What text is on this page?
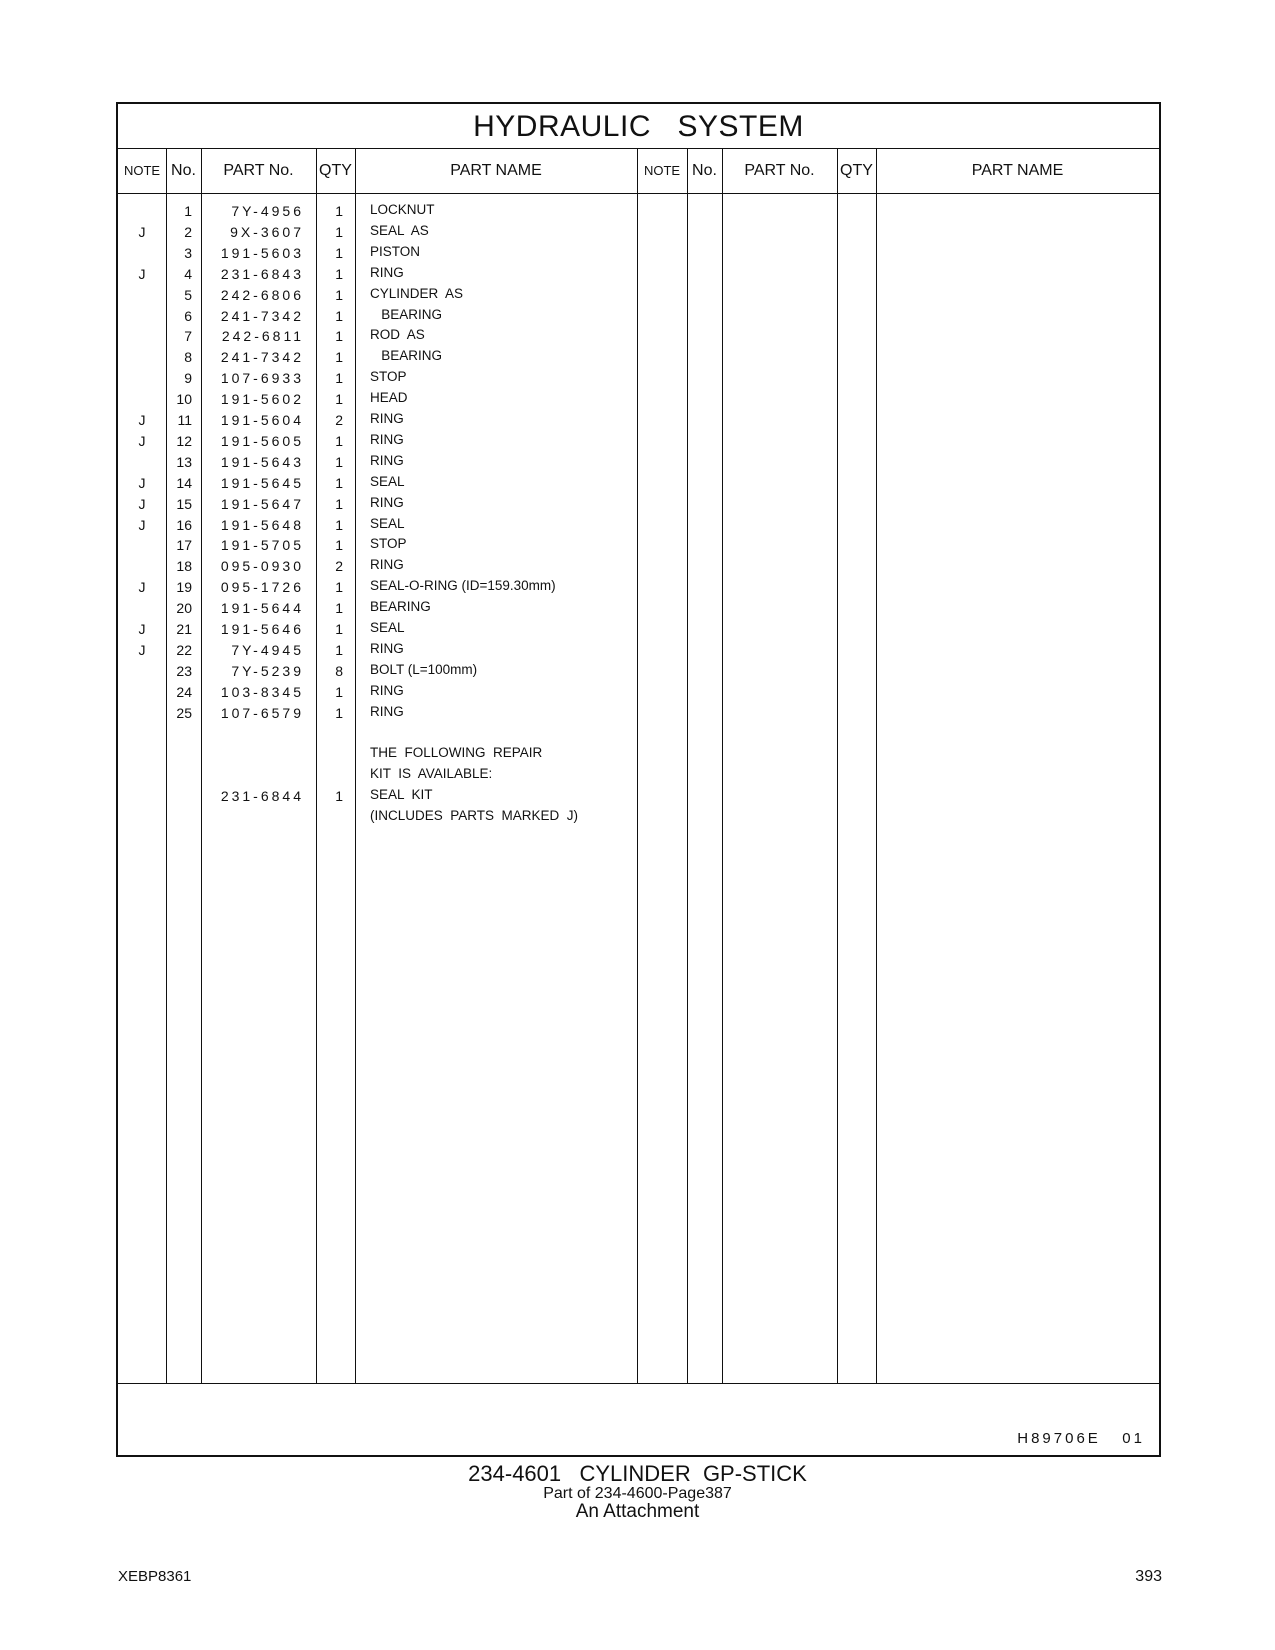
HYDRAULIC   SYSTEM
NOTE No.	PART No.	QTY	PART NAME	NOTE No.	PART No.	QTY	PART NAME
1	7Y-4956	1 LOCKNUT
J	2	9X-3607	1 SEAL  AS
3	191-5603	1 PISTON
J	4	231-6843	1 RING
5	242-6806	1 CYLINDER  AS
6	241-7342	1 BEARING
7	242-6811	1 ROD  AS
8	241-7342	1 BEARING
9	107-6933	1 STOP
10	191-5602	1 HEAD
J	11	191-5604	2 RING
J	12	191-5605	1 RING
13	191-5643	1 RING
J	14	191-5645	1 SEAL
J	15	191-5647	1 RING
J	16	191-5648	1 SEAL
17	191-5705	1 STOP
18	095-0930	2 RING
J	19	095-1726	1 SEAL-O-RING (ID=159.30mm)
20	191-5644	1 BEARING
J	21	191-5646	1 SEAL
J	22	7Y-4945	1 RING
23	7Y-5239	8 BOLT (L=100mm)
24	103-8345	1 RING
25	107-6579	1 RING
THE  FOLLOWING  REPAIR
KIT  IS  AVAILABLE:
231-6844	1 SEAL  KIT
(INCLUDES  PARTS  MARKED  J)
H89706E   01
234-4601   CYLINDER  GP-STICK
Part of 234-4600-Page387
An Attachment
XEBP8361	393
